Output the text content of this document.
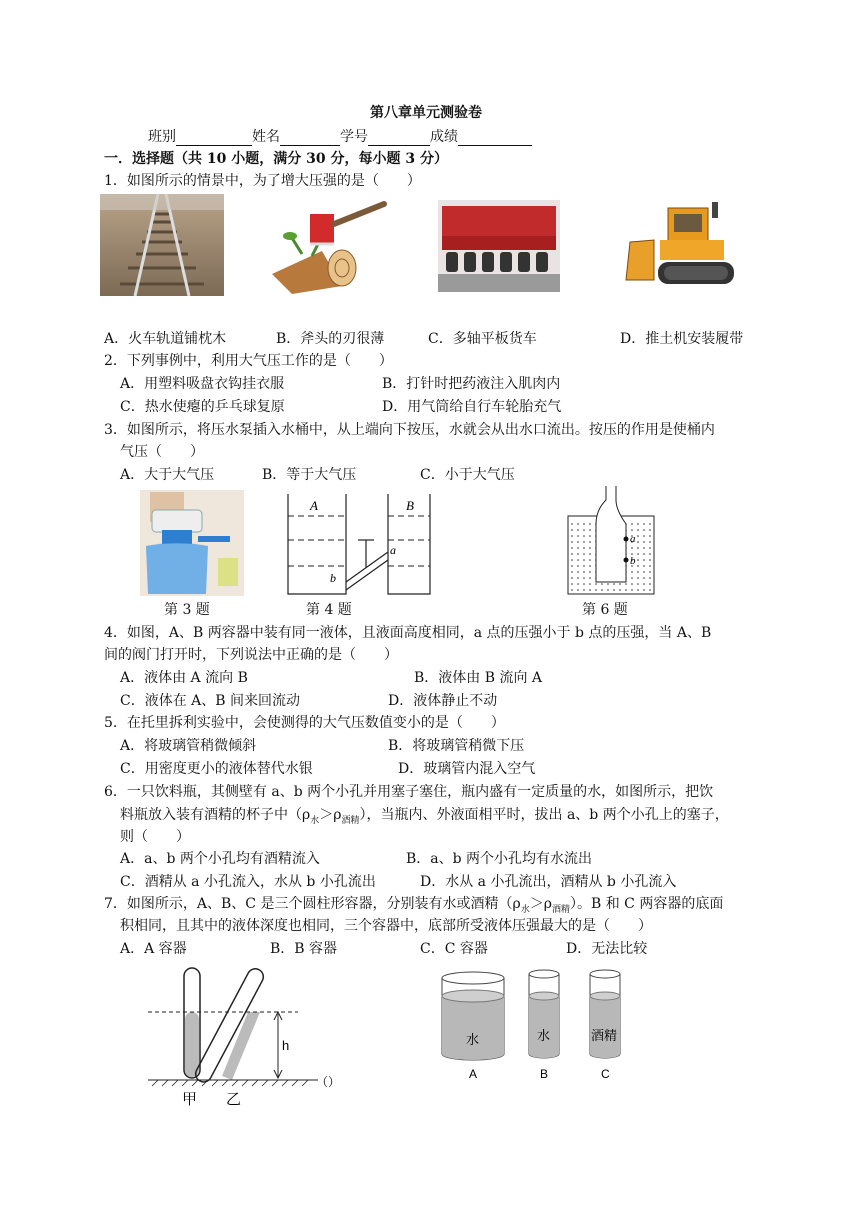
第八章单元测验卷
班别	姓名	学号	成绩
一．选择题（共 10 小题，满分 30 分，每小题 3 分）
1．如图所示的情景中，为了增大压强的是（　　）
A．火车轨道铺枕木	B．斧头的刃很薄	C．多轴平板货车	D．推土机安装履带
2．下列事例中，利用大气压工作的是（　　）
A．用塑料吸盘衣钩挂衣服	B．打针时把药液注入肌肉内
C．热水使瘪的乒乓球复原	D．用气筒给自行车轮胎充气
3．如图所示，将压水泵插入水桶中，从上端向下按压，水就会从出水口流出。按压的作用是使桶内
气压（　　）
A．大于大气压	B．等于大气压	C．小于大气压
A	B
a
b
a
b
第 3 题	第 4 题	第 6 题
4．如图，A、B 两容器中装有同一液体，且液面高度相同，a 点的压强小于 b 点的压强，当 A、B
间的阀门打开时，下列说法中正确的是（　　）
A．液体由 A 流向 B	B．液体由 B 流向 A
C．液体在 A、B 间来回流动	D．液体静止不动
5．在托里拆利实验中，会使测得的大气压数值变小的是（　　）
A．将玻璃管稍微倾斜	B．将玻璃管稍微下压
C．用密度更小的液体替代水银	D．玻璃管内混入空气
6．一只饮料瓶，其侧壁有 a、b 两个小孔并用塞子塞住，瓶内盛有一定质量的水，如图所示，把饮
料瓶放入装有酒精的杯子中$(\rho_水>\rho_{酒精})$，当瓶内、外液面相平时，拔出 a、b 两个小孔上的塞子，
则（　　）
A．a、b 两个小孔均有酒精流入	B．a、b 两个小孔均有水流出
C．酒精从 a 小孔流入，水从 b 小孔流出	D．水从 a 小孔流出，酒精从 b 小孔流入
7．如图所示，A、B、C 是三个圆柱形容器，分别装有水或酒精$(\rho_水>\rho_{酒精})$。B 和 C 两容器的底面
积相同，且其中的液体深度也相同，三个容器中，底部所受液体压强最大的是（　　）
A．A 容器	B．B 容器	C．C 容器	D．无法比较
h
甲 乙
（）
水	水	酒精
A	B	C
